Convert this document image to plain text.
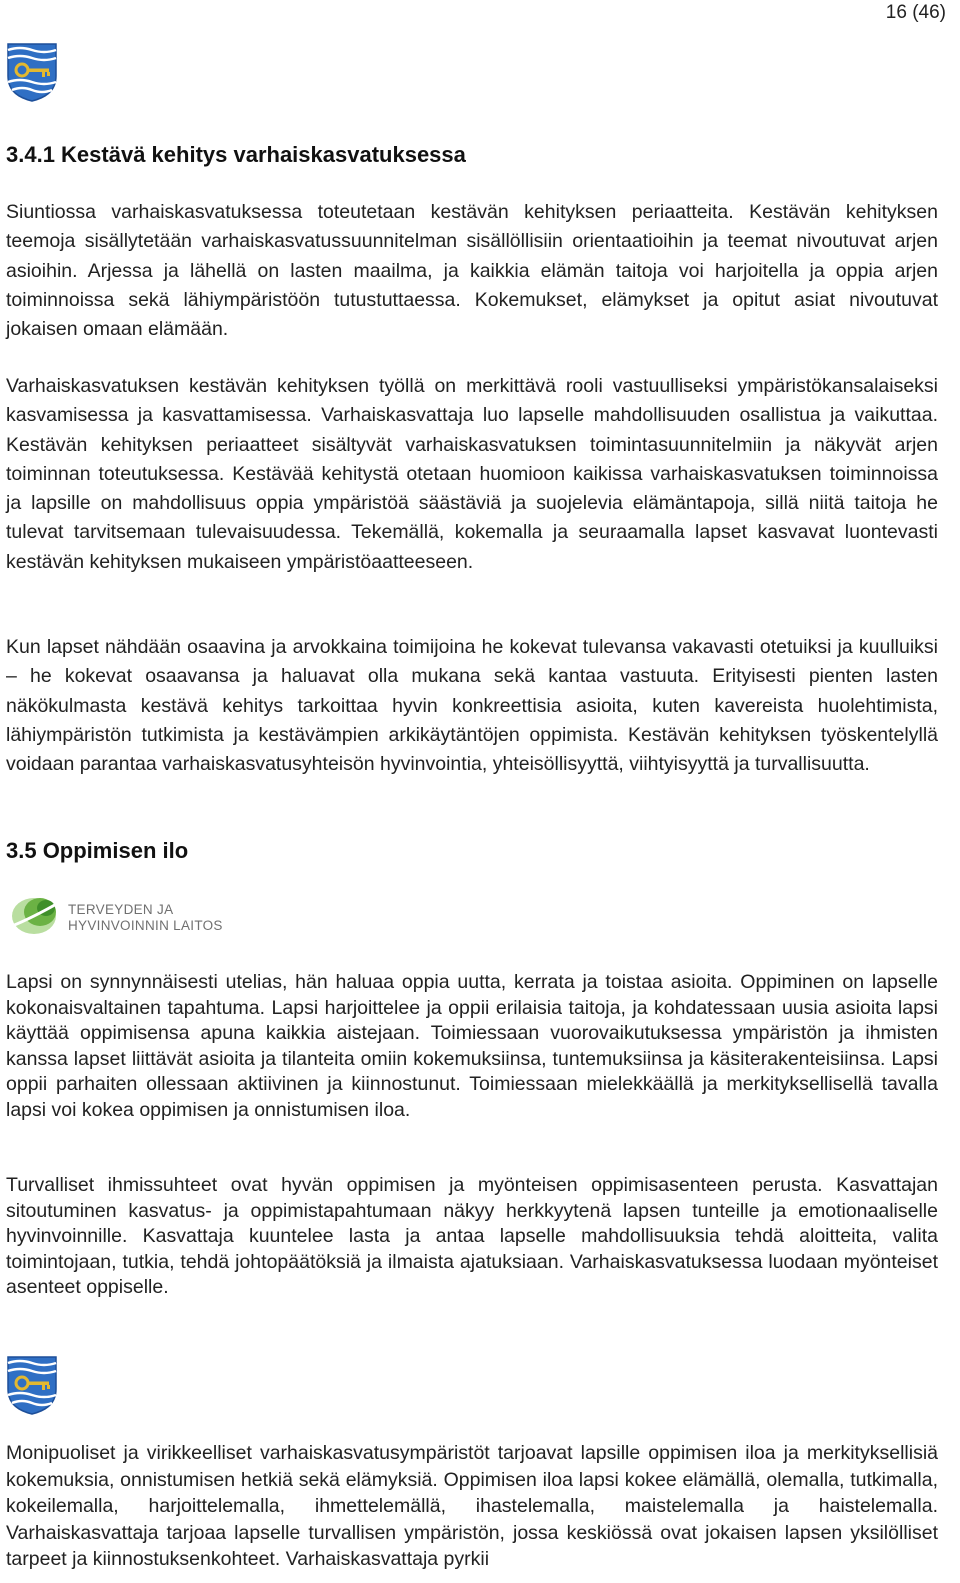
16 (46)
3.4.1 Kestävä kehitys varhaiskasvatuksessa

Siuntiossa varhaiskasvatuksessa toteutetaan kestävän kehityksen periaatteita. Kestävän kehityksen teemoja sisällytetään varhaiskasvatussuunnitelman sisällöllisiin orientaatioihin ja teemat nivoutuvat arjen asioihin. Arjessa ja lähellä on lasten maailma, ja kaikkia elämän taitoja voi harjoitella ja oppia arjen toiminnoissa sekä lähiympäristöön tutustuttaessa. Kokemukset, elämykset ja opitut asiat nivoutuvat jokaisen omaan elämään.

Varhaiskasvatuksen kestävän kehityksen työllä on merkittävä rooli vastuulliseksi ympäristökansalaiseksi kasvamisessa ja kasvattamisessa. Varhaiskasvattaja luo lapselle mahdollisuuden osallistua ja vaikuttaa. Kestävän kehityksen periaatteet sisältyvät varhaiskasvatuksen toimintasuunnitelmiin ja näkyvät arjen toiminnan toteutuksessa. Kestävää kehitystä otetaan huomioon kaikissa varhaiskasvatuksen toiminnoissa ja lapsille on mahdollisuus oppia ympäristöä säästäviä ja suojelevia elämäntapoja, sillä niitä taitoja he tulevat tarvitsemaan tulevaisuudessa. Tekemällä, kokemalla ja seuraamalla lapset kasvavat luontevasti kestävän kehityksen mukaiseen ympäristöaatteeseen.

Kun lapset nähdään osaavina ja arvokkaina toimijoina he kokevat tulevansa vakavasti otetuiksi ja kuulluiksi – he kokevat osaavansa ja haluavat olla mukana sekä kantaa vastuuta. Erityisesti pienten lasten näkökulmasta kestävä kehitys tarkoittaa hyvin konkreettisia asioita, kuten kavereista huolehtimista, lähiympäristön tutkimista ja kestävämpien arkikäytäntöjen oppimista. Kestävän kehityksen työskentelyllä voidaan parantaa varhaiskasvatusyhteisön hyvinvointia, yhteisöllisyyttä, viihtyisyyttä ja turvallisuutta.

3.5 Oppimisen ilo
TERVEYDEN JA
HYVINVOINNIN LAITOS

Lapsi on synnynnäisesti utelias, hän haluaa oppia uutta, kerrata ja toistaa asioita. Oppiminen on lapselle kokonaisvaltainen tapahtuma. Lapsi harjoittelee ja oppii erilaisia taitoja, ja kohdatessaan uusia asioita lapsi käyttää oppimisensa apuna kaikkia aistejaan. Toimiessaan vuorovaikutuksessa ympäristön ja ihmisten kanssa lapset liittävät asioita ja tilanteita omiin kokemuksiinsa, tuntemuksiinsa ja käsiterakenteisiinsa. Lapsi oppii parhaiten ollessaan aktiivinen ja kiinnostunut. Toimiessaan mielekkäällä ja merkityksellisellä tavalla lapsi voi kokea oppimisen ja onnistumisen iloa.

Turvalliset ihmissuhteet ovat hyvän oppimisen ja myönteisen oppimisasenteen perusta. Kasvattajan sitoutuminen kasvatus- ja oppimistapahtumaan näkyy herkkyytenä lapsen tunteille ja emotionaaliselle hyvinvoinnille. Kasvattaja kuuntelee lasta ja antaa lapselle mahdollisuuksia tehdä aloitteita, valita toimintojaan, tutkia, tehdä johtopäätöksiä ja ilmaista ajatuksiaan. Varhaiskasvatuksessa luodaan myönteiset asenteet oppiselle.

Monipuoliset ja virikkeelliset varhaiskasvatusympäristöt tarjoavat lapsille oppimisen iloa ja merkityksellisiä kokemuksia, onnistumisen hetkiä sekä elämyksiä. Oppimisen iloa lapsi kokee elämällä, olemalla, tutkimalla, kokeilemalla, harjoittelemalla, ihmettelemällä, ihastelemalla, maistelemalla ja haistelemalla. Varhaiskasvattaja tarjoaa lapselle turvallisen ympäristön, jossa keskiössä ovat jokaisen lapsen yksilölliset tarpeet ja kiinnostuksenkohteet. Varhaiskasvattaja pyrkii
